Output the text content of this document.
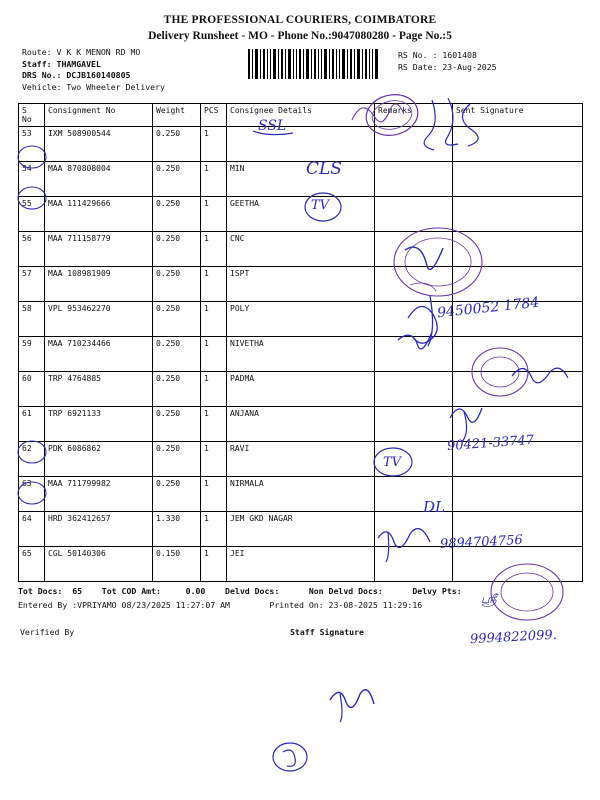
THE PROFESSIONAL COURIERS, COIMBATORE
Delivery Runsheet - MO - Phone No.:9047080280 - Page No.:5
Route: V K K MENON RD MO
Staff: THAMGAVEL
DRS No.: DCJB160140805
Vehicle: Two Wheeler Delivery
RS No. : 1601408
RS Date: 23-Aug-2025
S No	Consignment No	Weight	PCS	Consignee Details	Remarks	Sent Signature
53	IXM 508900544	0.250	1			
54	MAA 870808004	0.250	1	MIN		
55	MAA 111429666	0.250	1	GEETHA		
56	MAA 711158779	0.250	1	CNC		
57	MAA 108981909	0.250	1	ISPT		
58	VPL 953462270	0.250	1	POLY		
59	MAA 710234466	0.250	1	NIVETHA		
60	TRP 4764885	0.250	1	PADMA		
61	TRP 6921133	0.250	1	ANJANA		
62	PDK 6086862	0.250	1	RAVI		
63	MAA 711799982	0.250	1	NIRMALA		
64	HRD 362412657	1.330	1	JEM GKD NAGAR		
65	CGL 50140306	0.150	1	JEI		
Tot Docs:  65    Tot COD Amt:     0.00    Delvd Docs:      Non Delvd Docs:      Delvy Pts:
Entered By :VPRIYAMO 08/23/2025 11:27:07 AM        Printed On: 23-08-2025 11:29:16
Verified By	Staff Signature
SSL
CLS
TV
9450052 1784
90421-33747
TV
DL
9894704756
ஸ்ரீ
9994822099.
